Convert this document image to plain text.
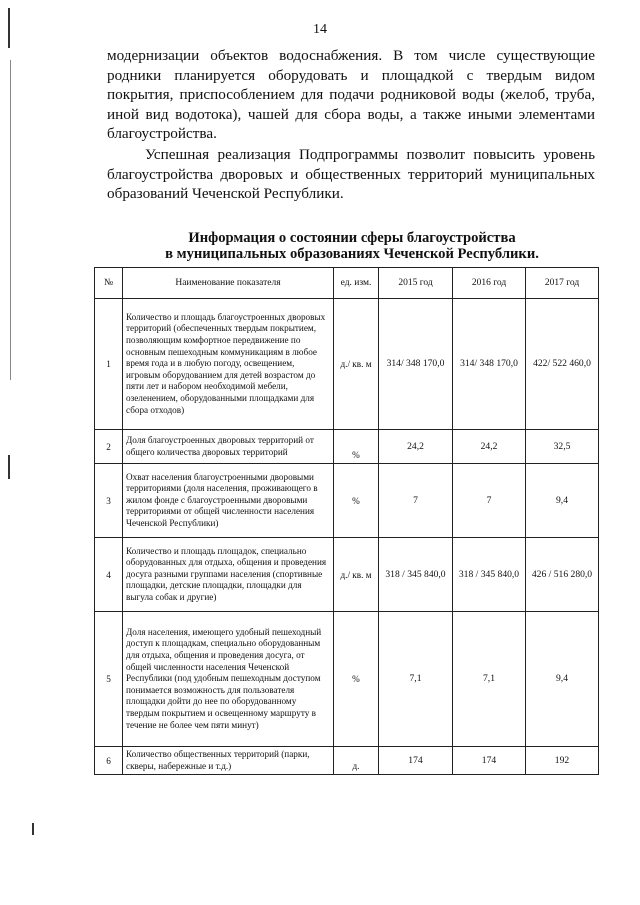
14

модернизации объектов водоснабжения. В том числе существующие родники планируется оборудовать и площадкой с твердым видом покрытия, приспособлением для подачи родниковой воды (желоб, труба, иной вид водотока), чашей для сбора воды, а также иными элементами благоустройства.

Успешная реализация Подпрограммы позволит повысить уровень благоустройства дворовых и общественных территорий муниципальных образований Чеченской Республики.

Информация о состоянии сферы благоустройства
в муниципальных образованиях Чеченской Республики.
№	Наименование показателя	ед. изм.	2015 год	2016 год	2017 год
1	Количество и площадь благоустроенных дворовых территорий (обеспеченных твердым покрытием, позволяющим комфортное передвижение по основным пешеходным коммуникациям в любое время года и в любую погоду, освещением, игровым оборудованием для детей возрастом до пяти лет и набором необходимой мебели, озеленением, оборудованными площадками для сбора отходов)	д./ кв. м	314/ 348 170,0	314/ 348 170,0	422/ 522 460,0
2	Доля благоустроенных дворовых территорий от общего количества дворовых территорий	%	24,2	24,2	32,5
3	Охват населения благоустроенными дворовыми территориями (доля населения, проживающего в жилом фонде с благоустроенными дворовыми территориями от общей численности населения Чеченской Республики)	%	7	7	9,4
4	Количество и площадь площадок, специально оборудованных для отдыха, общения и проведения досуга разными группами населения (спортивные площадки, детские площадки, площадки для выгула собак и другие)	д./ кв. м	318 / 345 840,0	318 / 345 840,0	426 / 516 280,0
5	Доля населения, имеющего удобный пешеходный доступ к площадкам, специально оборудованным для отдыха, общения и проведения досуга, от общей численности населения Чеченской Республики (под удобным пешеходным доступом понимается возможность для пользователя площадки дойти до нее по оборудованному твердым покрытием и освещенному маршруту в течение не более чем пяти минут)	%	7,1	7,1	9,4
6	Количество общественных территорий (парки, скверы, набережные и т.д.)	д.	174	174	192
